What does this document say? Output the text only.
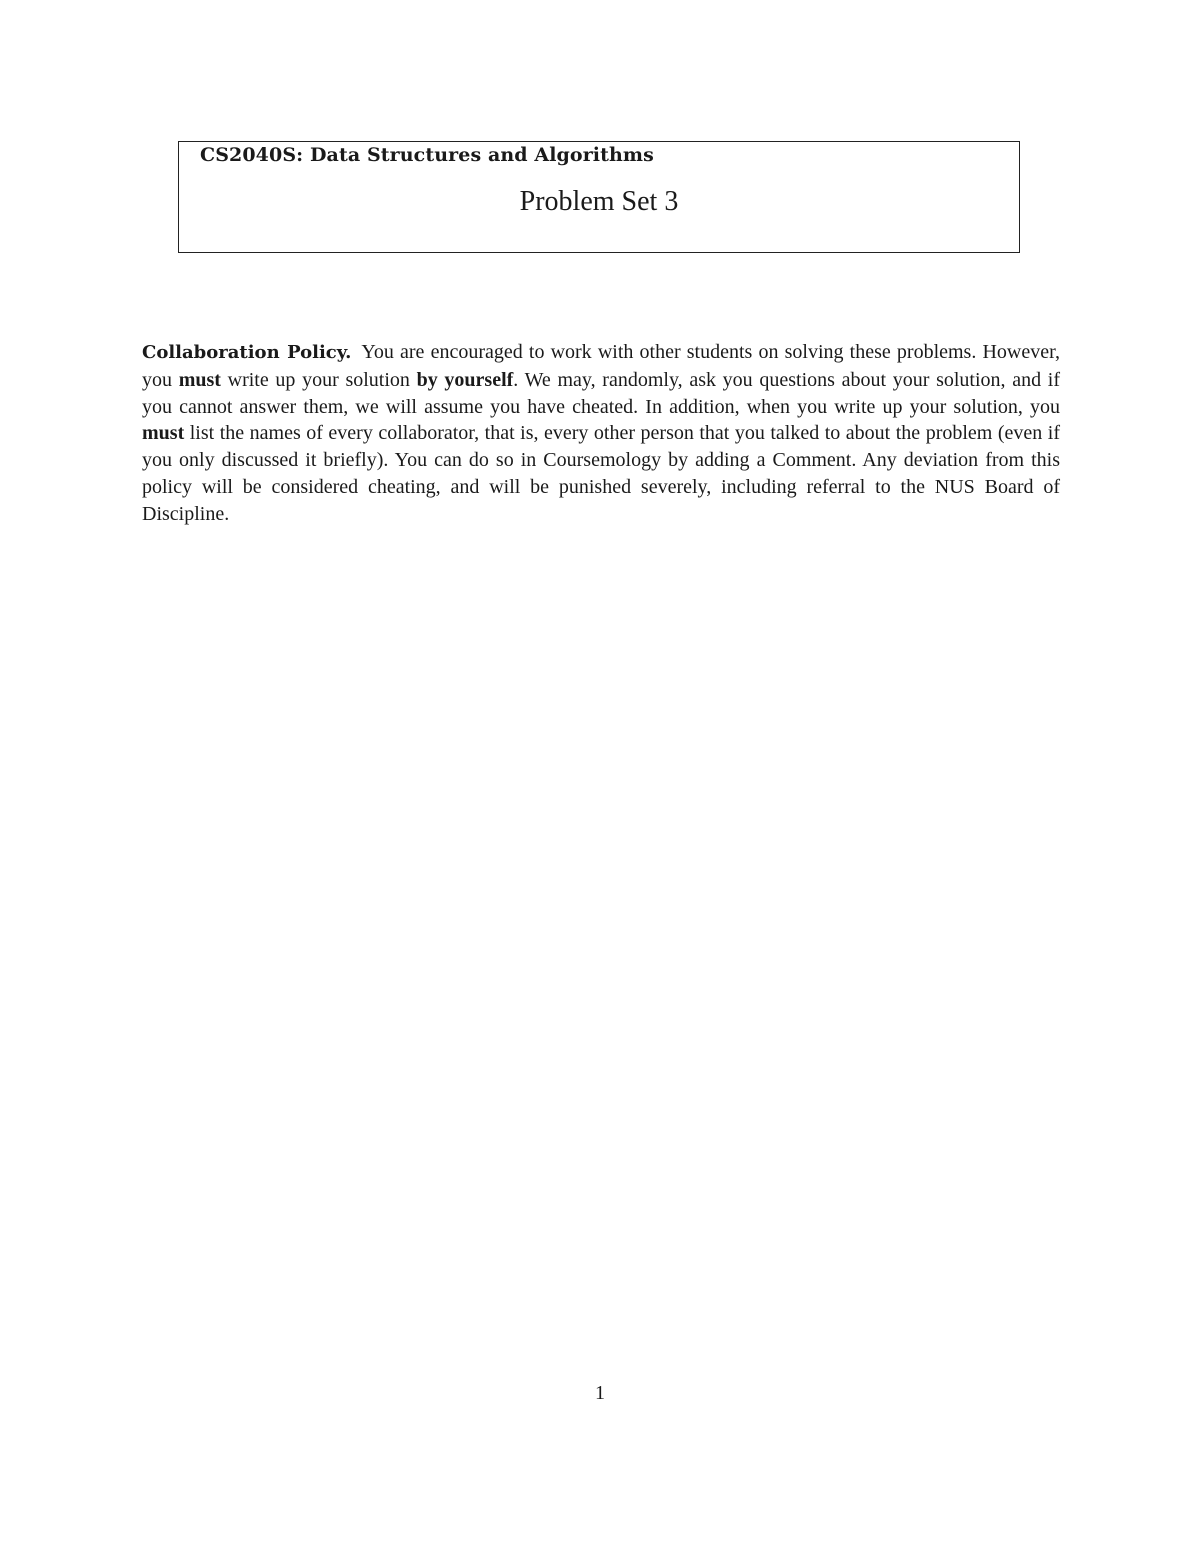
CS2040S: Data Structures and Algorithms
Problem Set 3

Collaboration Policy. You are encouraged to work with other students on solving these problems. However, you must write up your solution by yourself. We may, randomly, ask you questions about your solution, and if you cannot answer them, we will assume you have cheated. In addition, when you write up your solution, you must list the names of every collaborator, that is, every other person that you talked to about the problem (even if you only discussed it briefly). You can do so in Coursemology by adding a Comment. Any deviation from this policy will be considered cheating, and will be punished severely, including referral to the NUS Board of Discipline.

1
